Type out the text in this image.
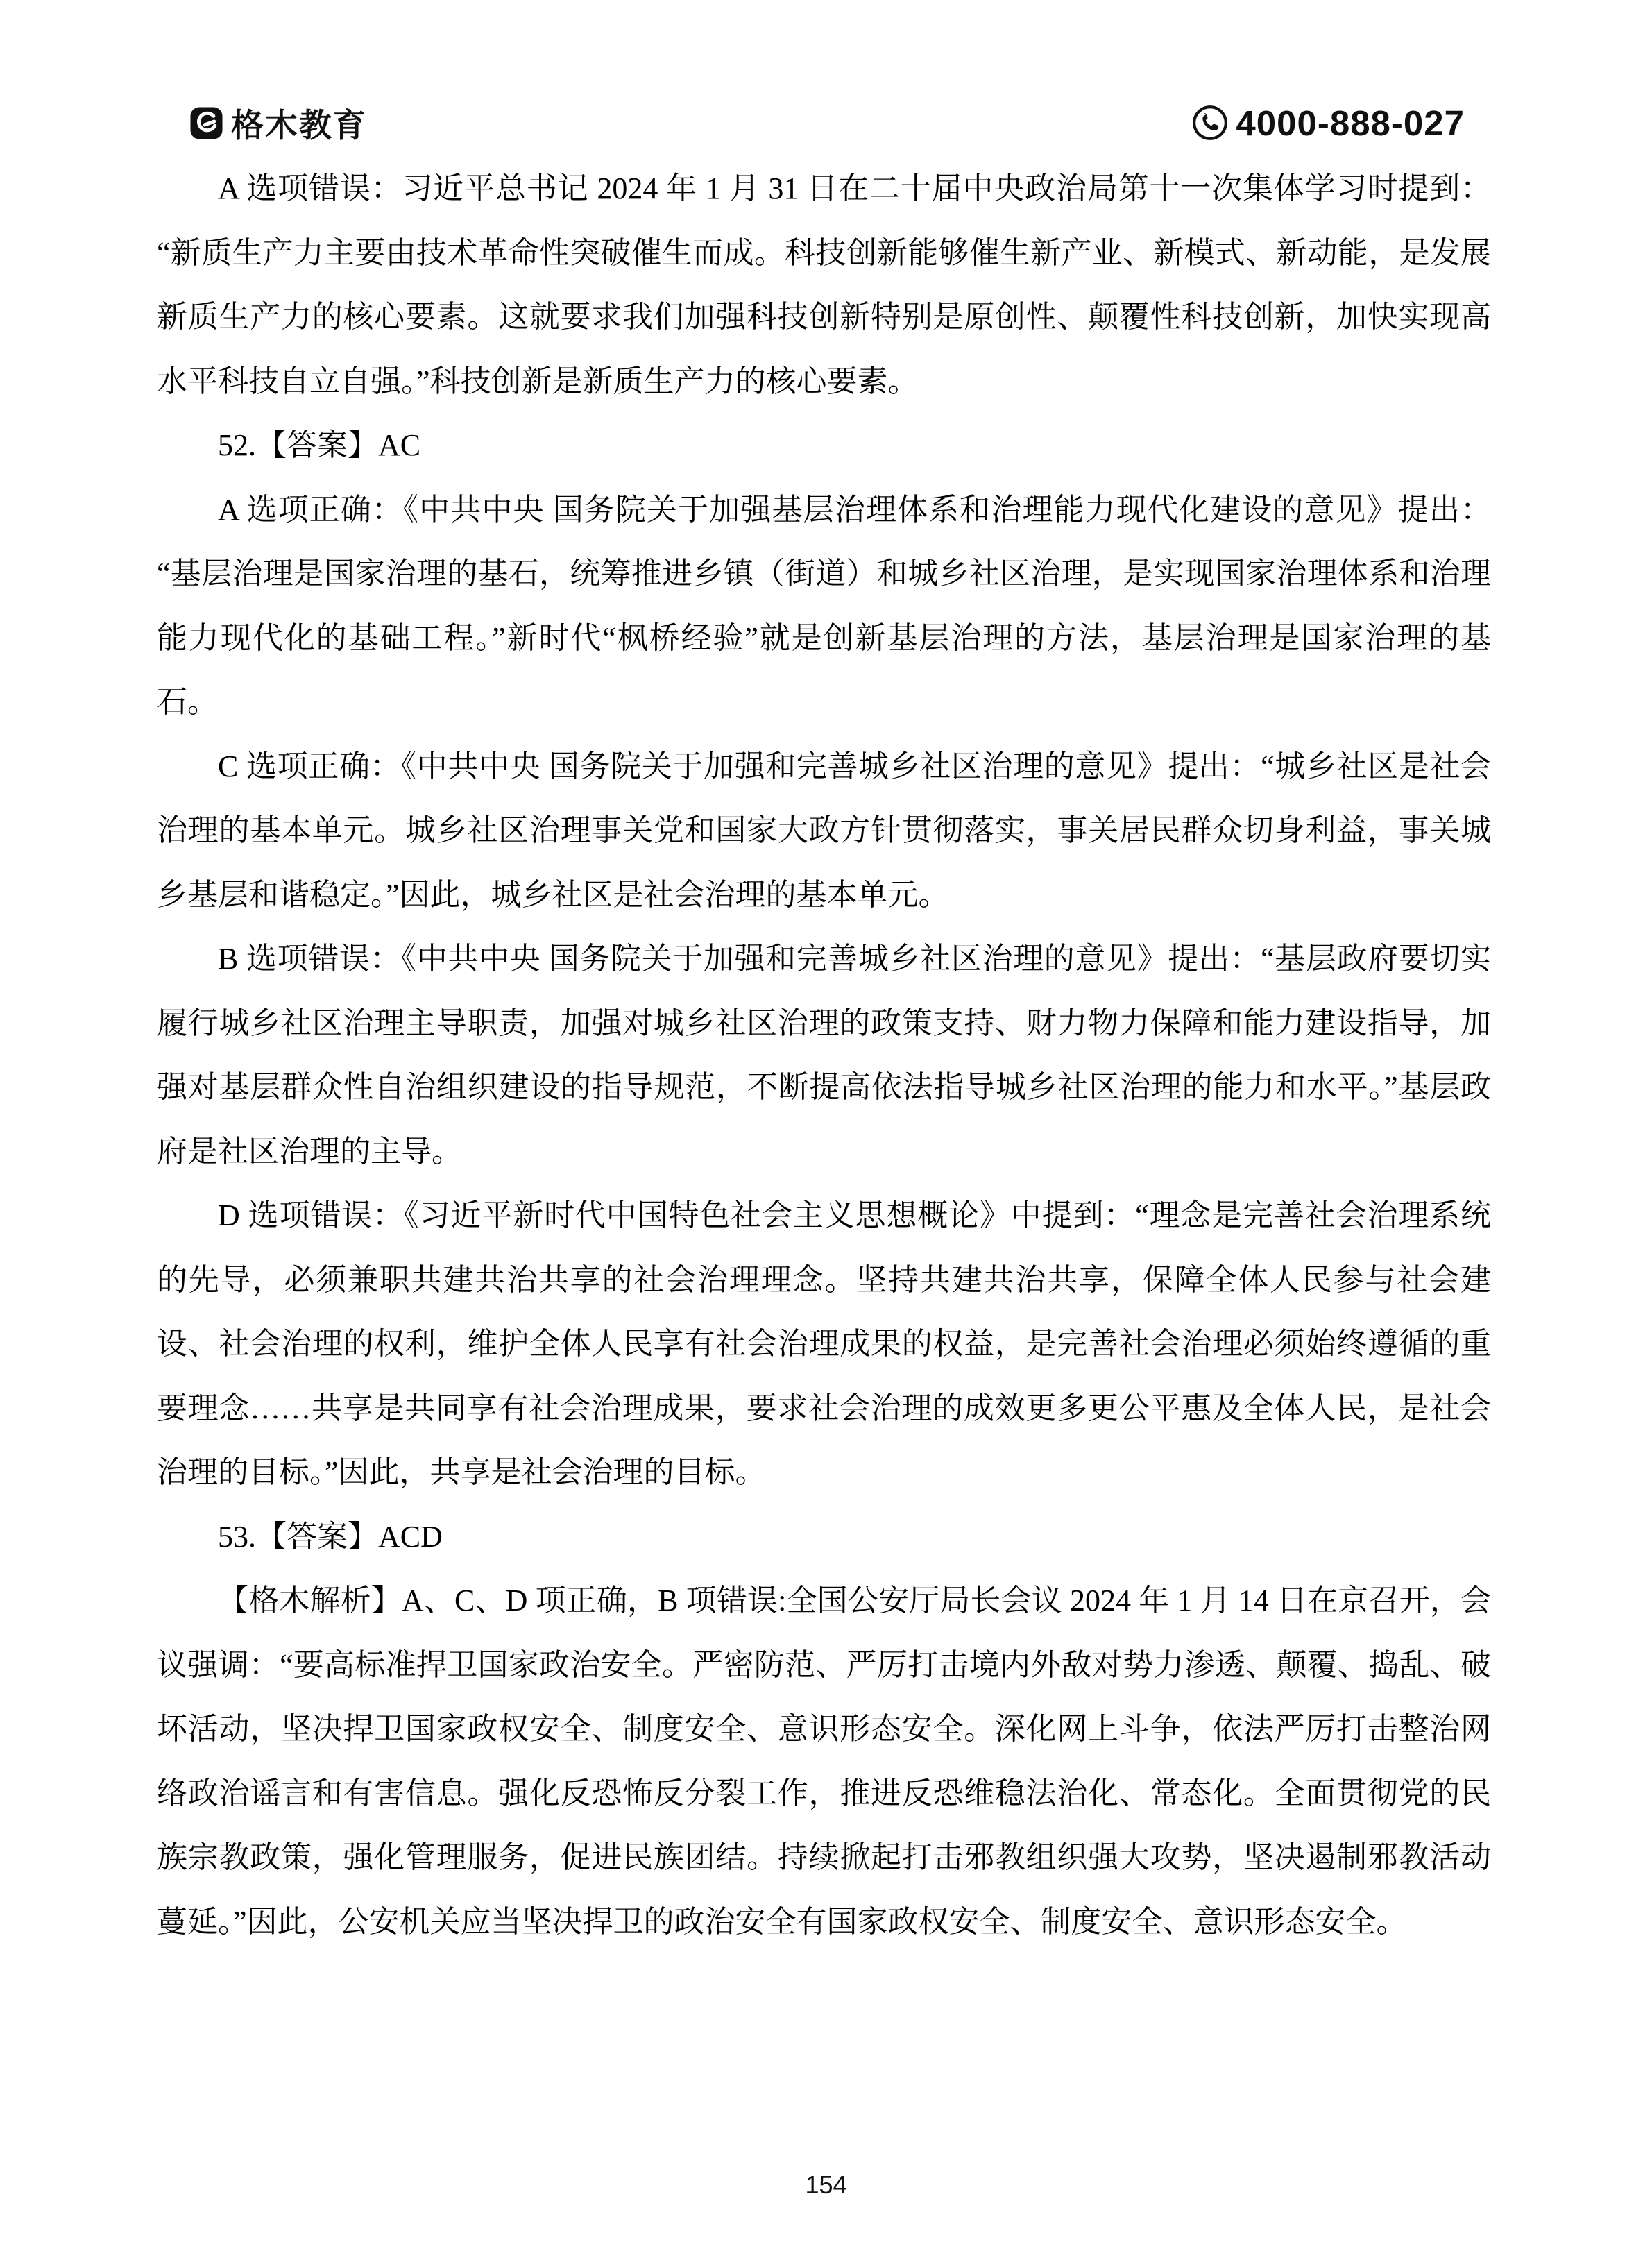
格木教育	4000-888-027

A 选项错误：习近平总书记 2024 年 1 月 31 日在二十届中央政治局第十一次集体学习时提到：“新质生产力主要由技术革命性突破催生而成。科技创新能够催生新产业、新模式、新动能，是发展新质生产力的核心要素。这就要求我们加强科技创新特别是原创性、颠覆性科技创新，加快实现高水平科技自立自强。”科技创新是新质生产力的核心要素。

52.【答案】AC

A 选项正确：《中共中央 国务院关于加强基层治理体系和治理能力现代化建设的意见》提出：“基层治理是国家治理的基石，统筹推进乡镇（街道）和城乡社区治理，是实现国家治理体系和治理能力现代化的基础工程。”新时代“枫桥经验”就是创新基层治理的方法，基层治理是国家治理的基石。

C 选项正确：《中共中央 国务院关于加强和完善城乡社区治理的意见》提出：“城乡社区是社会治理的基本单元。城乡社区治理事关党和国家大政方针贯彻落实，事关居民群众切身利益，事关城乡基层和谐稳定。”因此，城乡社区是社会治理的基本单元。

B 选项错误：《中共中央 国务院关于加强和完善城乡社区治理的意见》提出：“基层政府要切实履行城乡社区治理主导职责，加强对城乡社区治理的政策支持、财力物力保障和能力建设指导，加强对基层群众性自治组织建设的指导规范，不断提高依法指导城乡社区治理的能力和水平。”基层政府是社区治理的主导。

D 选项错误：《习近平新时代中国特色社会主义思想概论》中提到：“理念是完善社会治理系统的先导，必须兼职共建共治共享的社会治理理念。坚持共建共治共享，保障全体人民参与社会建设、社会治理的权利，维护全体人民享有社会治理成果的权益，是完善社会治理必须始终遵循的重要理念……共享是共同享有社会治理成果，要求社会治理的成效更多更公平惠及全体人民，是社会治理的目标。”因此，共享是社会治理的目标。

53.【答案】ACD

【格木解析】A、C、D 项正确，B 项错误:全国公安厅局长会议 2024 年 1 月 14 日在京召开，会议强调：“要高标准捍卫国家政治安全。严密防范、严厉打击境内外敌对势力渗透、颠覆、捣乱、破坏活动，坚决捍卫国家政权安全、制度安全、意识形态安全。深化网上斗争，依法严厉打击整治网络政治谣言和有害信息。强化反恐怖反分裂工作，推进反恐维稳法治化、常态化。全面贯彻党的民族宗教政策，强化管理服务，促进民族团结。持续掀起打击邪教组织强大攻势，坚决遏制邪教活动蔓延。”因此，公安机关应当坚决捍卫的政治安全有国家政权安全、制度安全、意识形态安全。

154
